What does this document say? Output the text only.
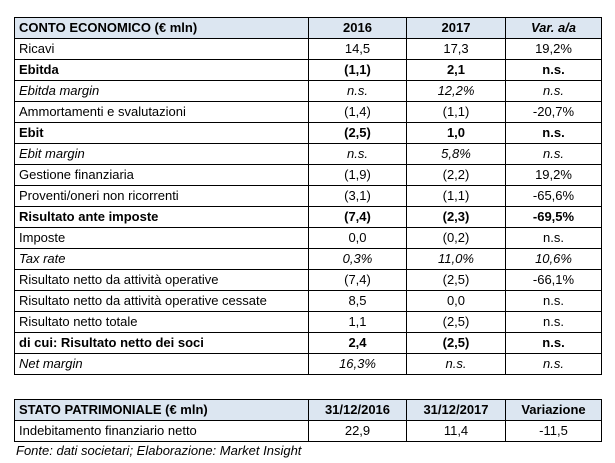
CONTO ECONOMICO (€ mln)	2016	2017	Var. a/a
Ricavi	14,5	17,3	19,2%
Ebitda	(1,1)	2,1	n.s.
Ebitda margin	n.s.	12,2%	n.s.
Ammortamenti e svalutazioni	(1,4)	(1,1)	-20,7%
Ebit	(2,5)	1,0	n.s.
Ebit margin	n.s.	5,8%	n.s.
Gestione finanziaria	(1,9)	(2,2)	19,2%
Proventi/oneri non ricorrenti	(3,1)	(1,1)	-65,6%
Risultato ante imposte	(7,4)	(2,3)	-69,5%
Imposte	0,0	(0,2)	n.s.
Tax rate	0,3%	11,0%	10,6%
Risultato netto da attività operative	(7,4)	(2,5)	-66,1%
Risultato netto da attività operative cessate	8,5	0,0	n.s.
Risultato netto totale	1,1	(2,5)	n.s.
di cui: Risultato netto dei soci	2,4	(2,5)	n.s.
Net margin	16,3%	n.s.	n.s.
STATO PATRIMONIALE (€ mln)	31/12/2016	31/12/2017	Variazione
Indebitamento finanziario netto	22,9	11,4	-11,5
Fonte: dati societari; Elaborazione: Market Insight
